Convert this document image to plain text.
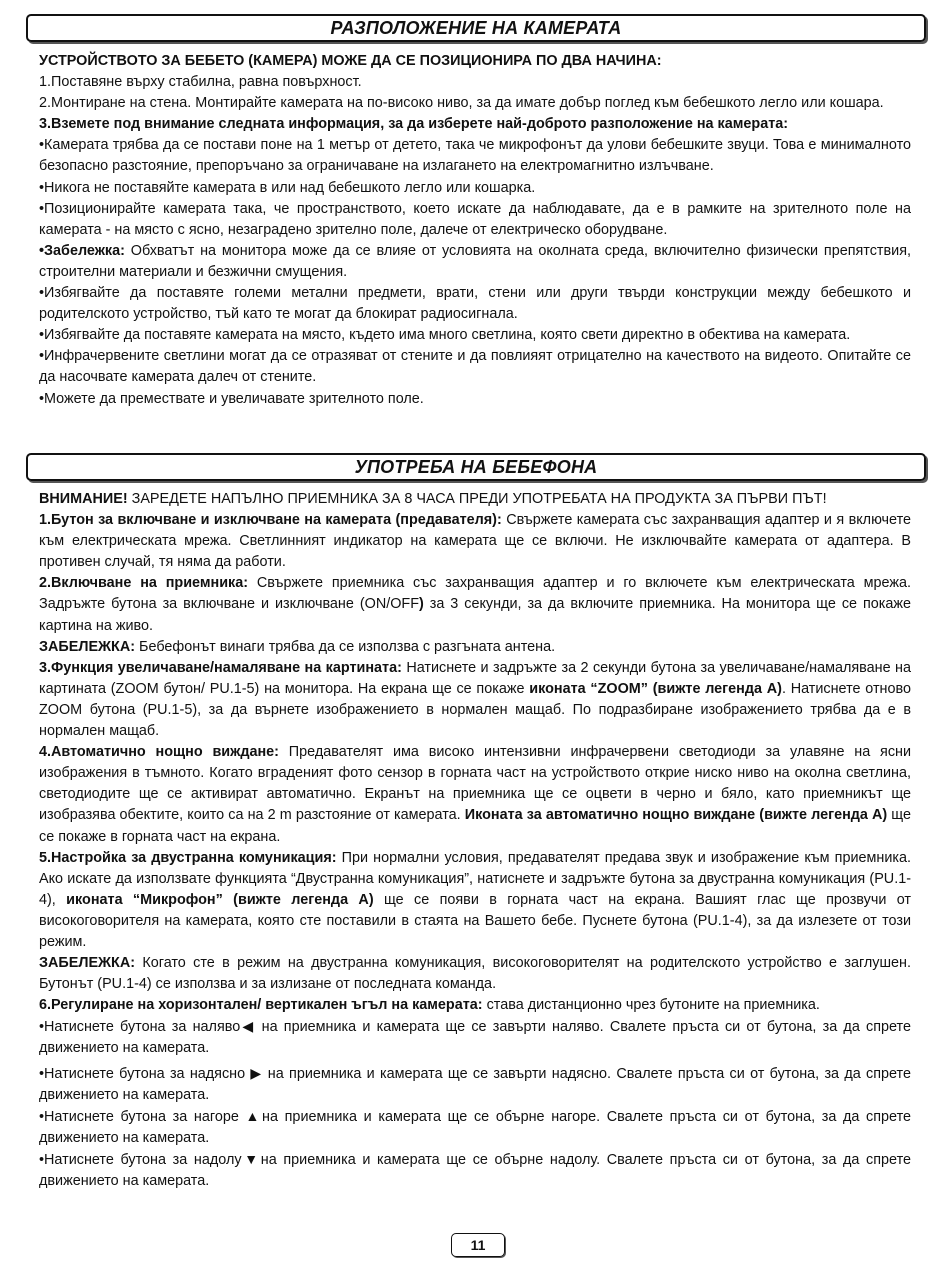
РАЗПОЛОЖЕНИЕ НА КАМЕРАТА

УСТРОЙСТВОТО ЗА БЕБЕТО (КАМЕРА) МОЖЕ ДА СЕ ПОЗИЦИОНИРА ПО ДВА НАЧИНА:

1.Поставяне върху стабилна, равна повърхност.

2.Монтиране на стена. Монтирайте камерата на по-високо ниво, за да имате добър поглед към бебешкото легло или кошара.

3.Вземете под внимание следната информация, за да изберете най-доброто разположение на камерата:

•Камерата трябва да се постави поне на 1 метър от детето, така че микрофонът да улови бебешките звуци. Това е минималното безопасно разстояние, препоръчано за ограничаване на излагането на електромагнитно излъчване.

•Никога не поставяйте камерата в или над бебешкото легло или кошарка.

•Позиционирайте камерата така, че пространството, което искате да наблюдавате, да е в рамките на зрителното поле на камерата - на място с ясно, незаградено зрително поле, далече от електрическо оборудване.

•Забележка: Обхватът на монитора може да се влияе от условията на околната среда, включително физически препятствия, строителни материали и безжични смущения.

•Избягвайте да поставяте големи метални предмети, врати, стени или други твърди конструкции между бебешкото и родителското устройство, тъй като те могат да блокират радиосигнала.

•Избягвайте да поставяте камерата на място, където има много светлина, която свети директно в обектива на камерата.

•Инфрачервените светлини могат да се отразяват от стените и да повлияят отрицателно на качеството на видеото. Опитайте се да насочвате камерата далеч от стените.

•Можете да премествате и увеличавате зрителното поле.

УПОТРЕБА НА БЕБЕФОНА

ВНИМАНИЕ! ЗАРЕДЕТЕ НАПЪЛНО ПРИЕМНИКА ЗА 8 ЧАСА ПРЕДИ УПОТРЕБАТА НА ПРОДУКТА ЗА ПЪРВИ ПЪТ!

1.Бутон за включване и изключване на камерата (предавателя): Свържете камерата със захранващия адаптер и я включете към електрическата мрежа. Светлинният индикатор на камерата ще се включи. Не изключвайте камерата от адаптера. В противен случай, тя няма да работи.

2.Включване на приемника: Свържете приемника със захранващия адаптер и го включете към електрическата мрежа. Задръжте бутона за включване и изключване (ON/OFF) за 3 секунди, за да включите приемника. На монитора ще се покаже картина на живо.

ЗАБЕЛЕЖКА: Бебефонът винаги трябва да се използва с разгъната антена.

3.Функция увеличаване/намаляване на картината: Натиснете и задръжте за 2 секунди бутона за увеличаване/намаляване на картината (ZOOM бутон/ PU.1-5) на монитора. На екрана ще се покаже иконата “ZOOM” (вижте легенда А). Натиснете отново ZOOM бутона (PU.1-5), за да върнете изображението в нормален мащаб. По подразбиране изображението трябва да е в нормален мащаб.

4.Автоматично нощно виждане: Предавателят има високо интензивни инфрачервени светодиоди за улавяне на ясни изображения в тъмното. Когато вграденият фото сензор в горната част на устройството открие ниско ниво на околна светлина, светодиодите ще се активират автоматично. Екранът на приемника ще се оцвети в черно и бяло, като приемникът ще изобразява обектите, които са на 2 m разстояние от камерата. Иконата за автоматично нощно виждане (вижте легенда А) ще се покаже в горната част на екрана.

5.Настройка за двустранна комуникация: При нормални условия, предавателят предава звук и изображение към приемника. Ако искате да използвате функцията “Двустранна комуникация”, натиснете и задръжте бутона за двустранна комуникация (PU.1-4), иконата “Микрофон” (вижте легенда А) ще се появи в горната част на екрана. Вашият глас ще прозвучи от високоговорителя на камерата, която сте поставили в стаята на Вашето бебе. Пуснете бутона (PU.1-4), за да излезете от този режим.

ЗАБЕЛЕЖКА: Когато сте в режим на двустранна комуникация, високоговорителят на родителското устройство е заглушен. Бутонът (PU.1-4) се използва и за излизане от последната команда.

6.Регулиране на хоризонтален/ вертикален ъгъл на камерата: става дистанционно чрез бутоните на приемника.

•Натиснете бутона за наляво◀ на приемника и камерата ще се завърти наляво. Свалете пръста си от бутона, за да спрете движението на камерата.

•Натиснете бутона за надясно ▶ на приемника и камерата ще се завърти надясно. Свалете пръста си от бутона, за да спрете движението на камерата.

•Натиснете бутона за нагоре ▲на приемника и камерата ще се обърне нагоре. Свалете пръста си от бутона, за да спрете движението на камерата.

•Натиснете бутона за надолу▼на приемника и камерата ще се обърне надолу. Свалете пръста си от бутона, за да спрете движението на камерата.

11
